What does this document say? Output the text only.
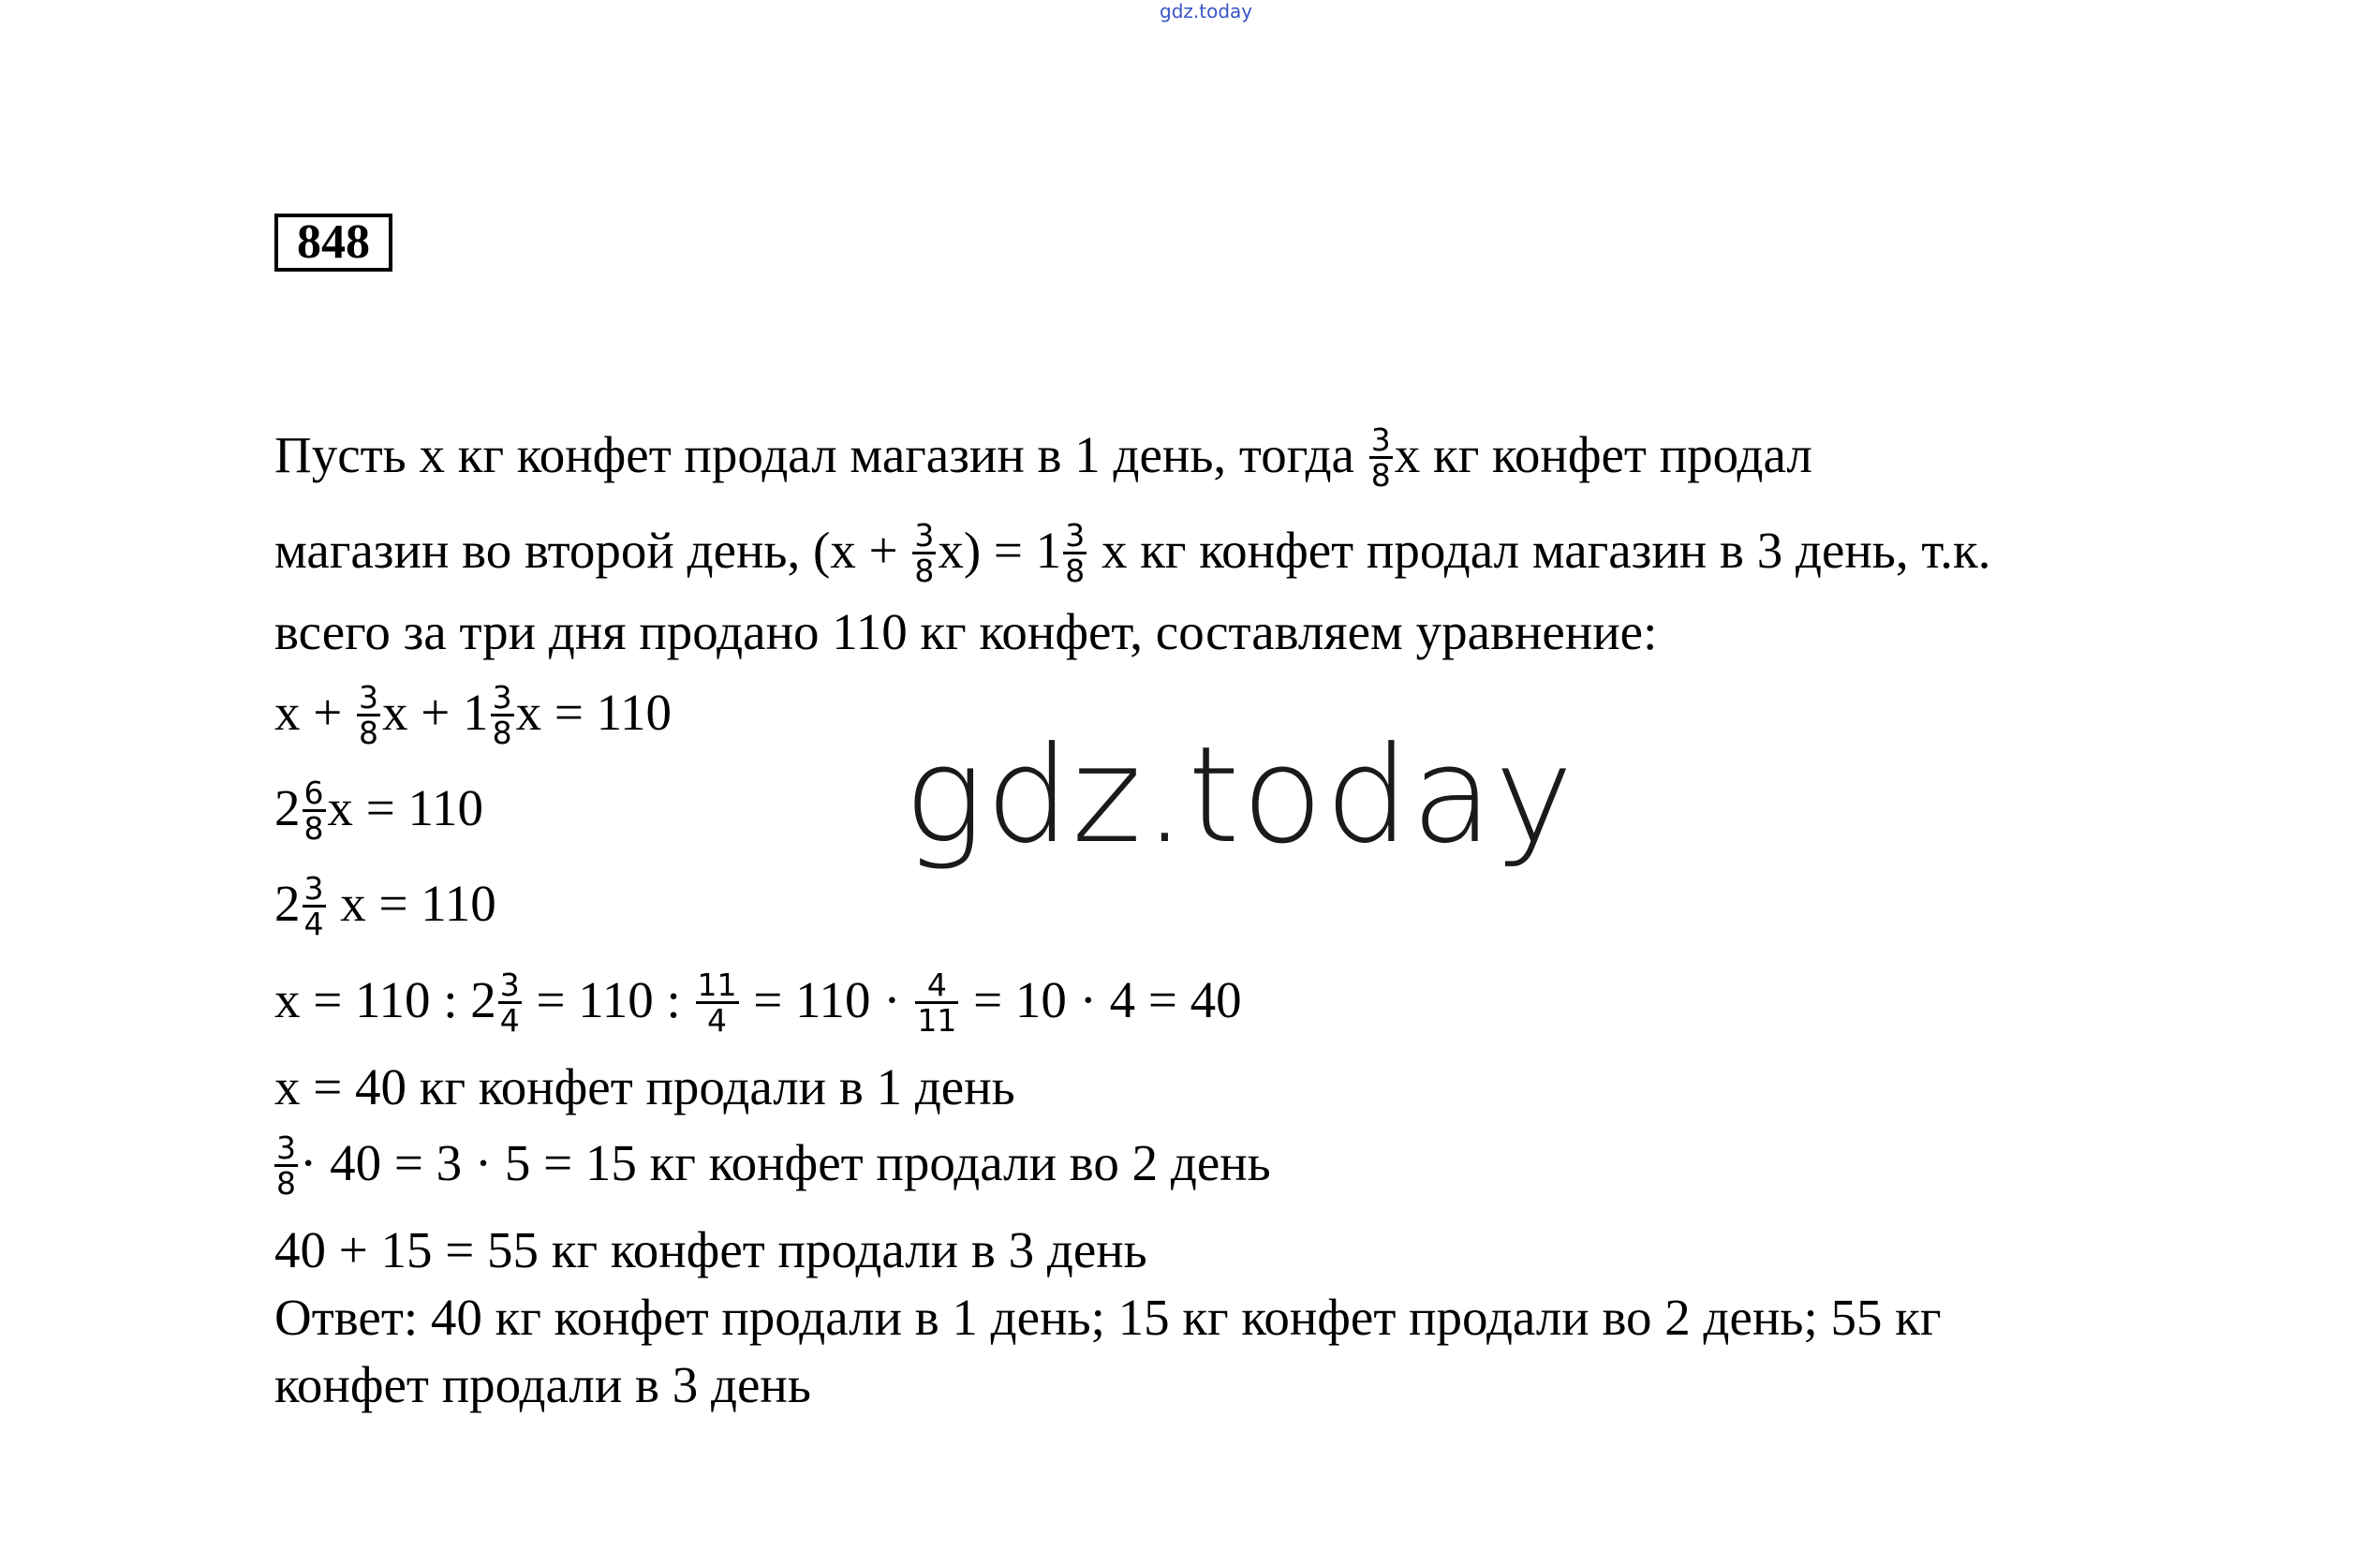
gdz.today
848
Пусть x кг конфет продал магазин в 1 день, тогда $\frac{3}{8}$ x кг конфет продал
магазин во второй день, $(x + \frac{3}{8} x) = 1 \frac{3}{8}$ x кг конфет продал магазин в 3 день, т.к.
всего за три дня продано 110 кг конфет, составляем уравнение:
$x + \frac{3}{8}$ $x + 1 \frac{3}{8}$ x = 110
$2 \frac{6}{8}$ x = 110
$2 \frac{3}{4}$ x = 110
x = 110 : $2 \frac{3}{4} = 110$ : $\frac{11}{4} = 110 \cdot \frac{4}{11} = 10 \cdot 4 = 40$
x = 40 кг конфет продали в 1 день
$\frac{3}{8} \cdot 40 = 3 \cdot 5 = 15$ кг конфет продали во 2 день
40 + 15 = 55 кг конфет продали в 3 день
Ответ: 40 кг конфет продали в 1 день; 15 кг конфет продали во 2 день; 55 кг
конфет продали в 3 день
gdz.today
